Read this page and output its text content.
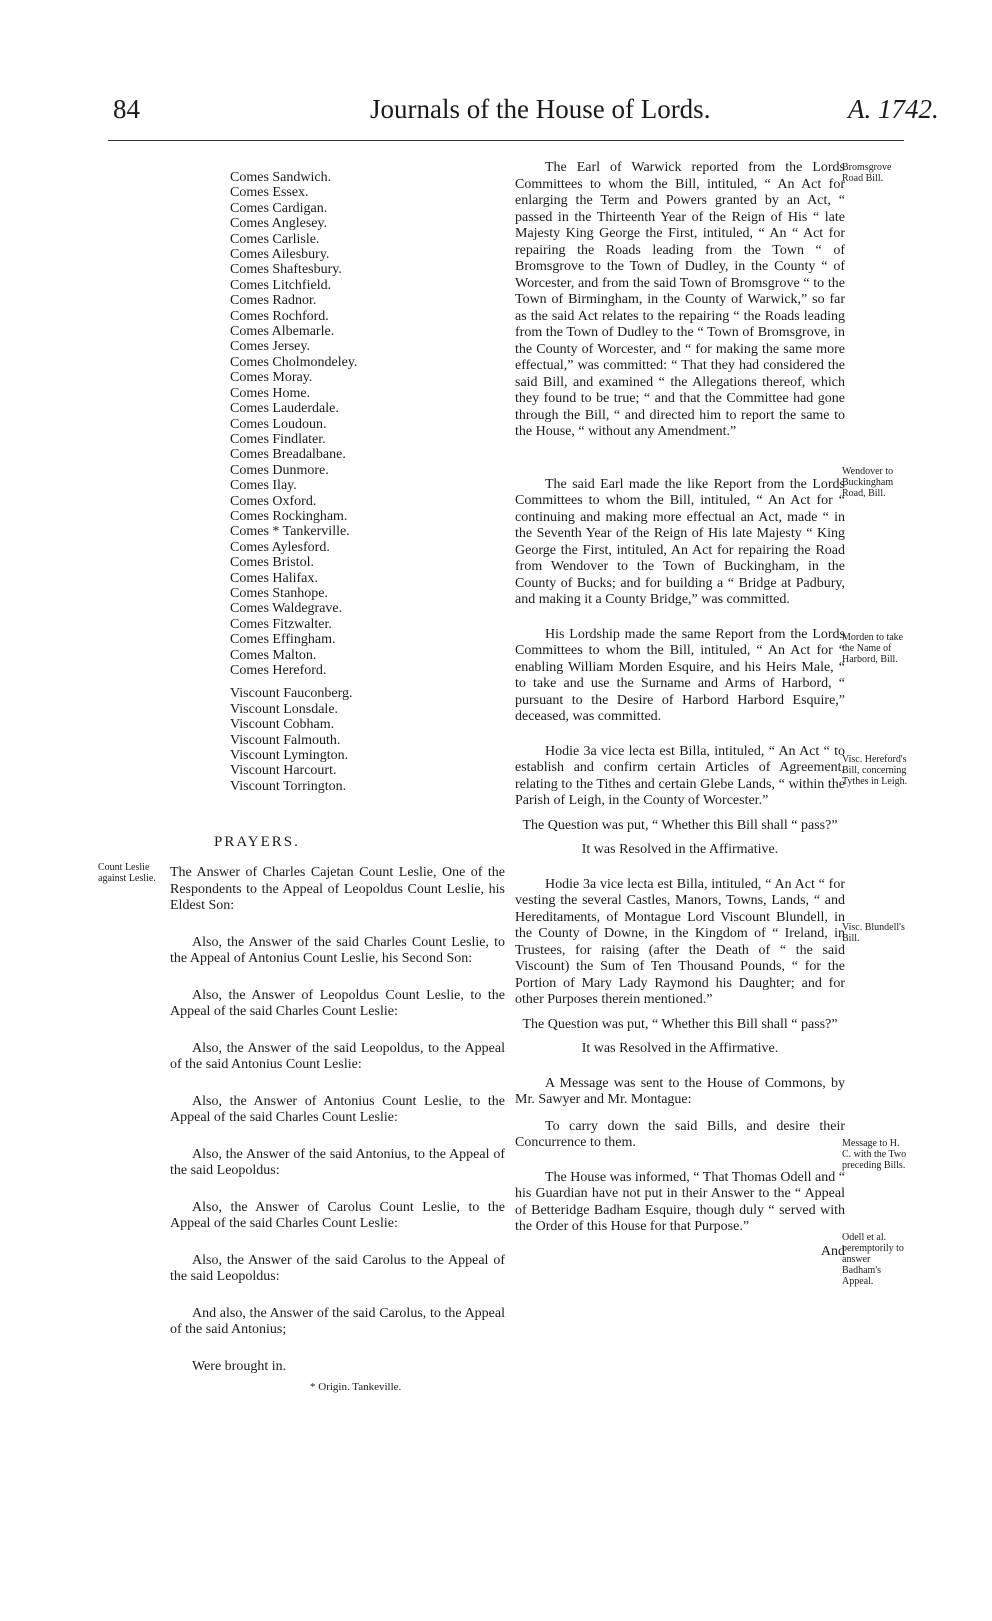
84	Journals of the House of Lords.	A. 1742.
Comes Sandwich.
Comes Essex.
Comes Cardigan.
Comes Anglesey.
Comes Carlisle.
Comes Ailesbury.
Comes Shaftesbury.
Comes Litchfield.
Comes Radnor.
Comes Rochford.
Comes Albemarle.
Comes Jersey.
Comes Cholmondeley.
Comes Moray.
Comes Home.
Comes Lauderdale.
Comes Loudoun.
Comes Findlater.
Comes Breadalbane.
Comes Dunmore.
Comes Ilay.
Comes Oxford.
Comes Rockingham.
Comes * Tankerville.
Comes Aylesford.
Comes Bristol.
Comes Halifax.
Comes Stanhope.
Comes Waldegrave.
Comes Fitzwalter.
Comes Effingham.
Comes Malton.
Comes Hereford.
Viscount Fauconberg.
Viscount Lonsdale.
Viscount Cobham.
Viscount Falmouth.
Viscount Lymington.
Viscount Harcourt.
Viscount Torrington.
PRAYERS.

The Answer of Charles Cajetan Count Leslie, One of the Respondents to the Appeal of Leopoldus Count Leslie, his Eldest Son:

Also, the Answer of the said Charles Count Leslie, to the Appeal of Antonius Count Leslie, his Second Son:

Also, the Answer of Leopoldus Count Leslie, to the Appeal of the said Charles Count Leslie:

Also, the Answer of the said Leopoldus, to the Appeal of the said Antonius Count Leslie:

Also, the Answer of Antonius Count Leslie, to the Appeal of the said Charles Count Leslie:

Also, the Answer of the said Antonius, to the Appeal of the said Leopoldus:

Also, the Answer of Carolus Count Leslie, to the Appeal of the said Charles Count Leslie:

Also, the Answer of the said Carolus to the Appeal of the said Leopoldus:

And also, the Answer of the said Carolus, to the Appeal of the said Antonius;

Were brought in.

* Origin. Tankeville.
Count Leslie against Leslie.

The Earl of Warwick reported from the Lords Committees to whom the Bill, intituled, “ An Act for enlarging the Term and Powers granted by an Act, “ passed in the Thirteenth Year of the Reign of His “ late Majesty King George the First, intituled, “ An “ Act for repairing the Roads leading from the Town “ of Bromsgrove to the Town of Dudley, in the County “ of Worcester, and from the said Town of Bromsgrove “ to the Town of Birmingham, in the County of Warwick,” so far as the said Act relates to the repairing “ the Roads leading from the Town of Dudley to the “ Town of Bromsgrove, in the County of Worcester, and “ for making the same more effectual,” was committed: “ That they had considered the said Bill, and examined “ the Allegations thereof, which they found to be true; “ and that the Committee had gone through the Bill, “ and directed him to report the same to the House, “ without any Amendment.”

The said Earl made the like Report from the Lords Committees to whom the Bill, intituled, “ An Act for “ continuing and making more effectual an Act, made “ in the Seventh Year of the Reign of His late Majesty “ King George the First, intituled, An Act for repairing the Road from Wendover to the Town of Buckingham, in the County of Bucks; and for building a “ Bridge at Padbury, and making it a County Bridge,” was committed.

His Lordship made the same Report from the Lords Committees to whom the Bill, intituled, “ An Act for “ enabling William Morden Esquire, and his Heirs Male, “ to take and use the Surname and Arms of Harbord, “ pursuant to the Desire of Harbord Harbord Esquire,” deceased, was committed.

Hodie 3a vice lecta est Billa, intituled, “ An Act “ to establish and confirm certain Articles of Agreement, relating to the Tithes and certain Glebe Lands, “ within the Parish of Leigh, in the County of Worcester.”

The Question was put, “ Whether this Bill shall “ pass?”

It was Resolved in the Affirmative.

Hodie 3a vice lecta est Billa, intituled, “ An Act “ for vesting the several Castles, Manors, Towns, Lands, “ and Hereditaments, of Montague Lord Viscount Blundell, in the County of Downe, in the Kingdom of “ Ireland, in Trustees, for raising (after the Death of “ the said Viscount) the Sum of Ten Thousand Pounds, “ for the Portion of Mary Lady Raymond his Daughter; and for other Purposes therein mentioned.”

The Question was put, “ Whether this Bill shall “ pass?”

It was Resolved in the Affirmative.

A Message was sent to the House of Commons, by Mr. Sawyer and Mr. Montague:

To carry down the said Bills, and desire their Concurrence to them.

The House was informed, “ That Thomas Odell and “ his Guardian have not put in their Answer to the “ Appeal of Betteridge Badham Esquire, though duly “ served with the Order of this House for that Purpose.”

And

Bromsgrove Road Bill.
Wendover to Buckingham Road, Bill.
Morden to take the Name of Harbord, Bill.
Visc. Hereford's Bill, concerning Tythes in Leigh.
Visc. Blundell's Bill.
Message to H. C. with the Two preceding Bills.
Odell et al. peremptorily to answer Badham's Appeal.
